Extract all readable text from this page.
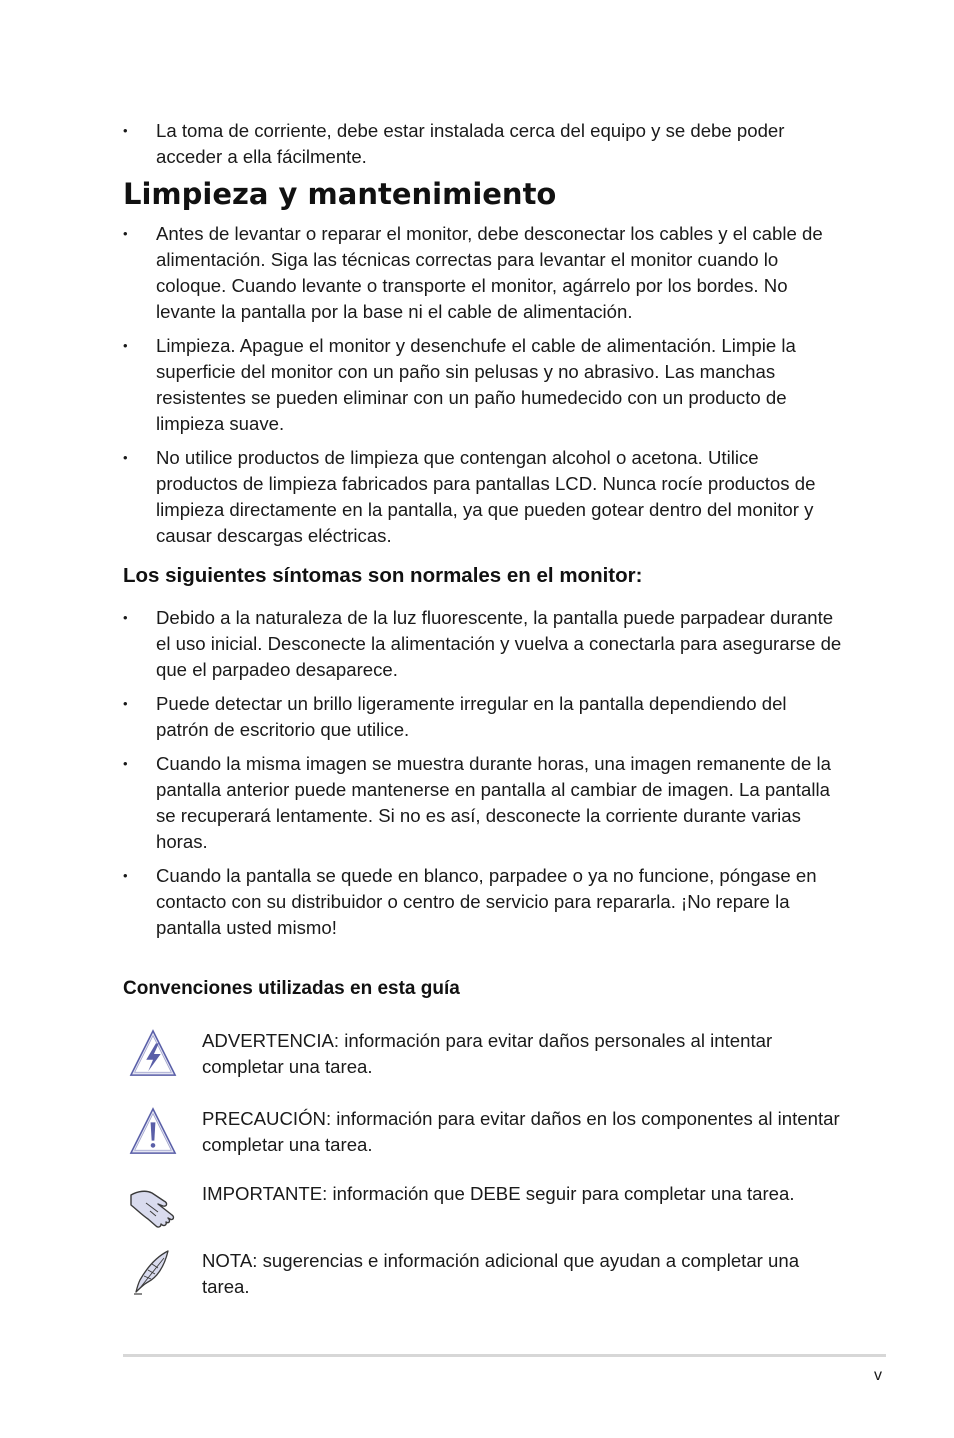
• La toma de corriente, debe estar instalada cerca del equipo y se debe poder acceder a ella fácilmente.
Limpieza y mantenimiento
• Antes de levantar o reparar el monitor, debe desconectar los cables y el cable de alimentación. Siga las técnicas correctas para levantar el monitor cuando lo coloque. Cuando levante o transporte el monitor, agárrelo por los bordes. No levante la pantalla por la base ni el cable de alimentación.
• Limpieza. Apague el monitor y desenchufe el cable de alimentación. Limpie la superficie del monitor con un paño sin pelusas y no abrasivo. Las manchas resistentes se pueden eliminar con un paño humedecido con un producto de limpieza suave.
• No utilice productos de limpieza que contengan alcohol o acetona. Utilice productos de limpieza fabricados para pantallas LCD. Nunca rocíe productos de limpieza directamente en la pantalla, ya que pueden gotear dentro del monitor y causar descargas eléctricas.
Los siguientes síntomas son normales en el monitor:
• Debido a la naturaleza de la luz fluorescente, la pantalla puede parpadear durante el uso inicial. Desconecte la alimentación y vuelva a conectarla para asegurarse de que el parpadeo desaparece.
• Puede detectar un brillo ligeramente irregular en la pantalla dependiendo del patrón de escritorio que utilice.
• Cuando la misma imagen se muestra durante horas, una imagen remanente de la pantalla anterior puede mantenerse en pantalla al cambiar de imagen. La pantalla se recuperará lentamente. Si no es así, desconecte la corriente durante varias horas.
• Cuando la pantalla se quede en blanco, parpadee o ya no funcione, póngase en contacto con su distribuidor o centro de servicio para repararla. ¡No repare la pantalla usted mismo!
Convenciones utilizadas en esta guía
ADVERTENCIA: información para evitar daños personales al intentar completar una tarea.
PRECAUCIÓN: información para evitar daños en los componentes al intentar completar una tarea.
IMPORTANTE: información que DEBE seguir para completar una tarea.
NOTA: sugerencias e información adicional que ayudan a completar una tarea.
v
